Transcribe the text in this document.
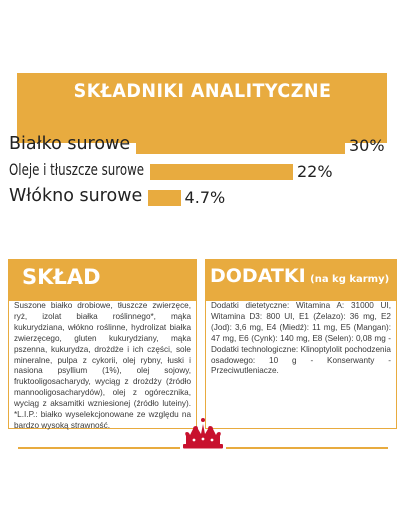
SKŁADNIKI ANALITYCZNE
Białko surowe	30%
Oleje i tłuszcze surowe	22%
Włókno surowe	4.7%
SKŁAD

Suszone białko drobiowe, tłuszcze zwierzęce, ryż, izolat białka roślinnego*, mąka kukurydziana, włókno roślinne, hydrolizat białka zwierzęcego, gluten kukurydziany, mąka pszenna, kukurydza, drożdże i ich części, sole mineralne, pulpa z cykorii, olej rybny, łuski i nasiona psyllium (1%), olej sojowy, fruktooligosacharydy, wyciąg z drożdży (źródło mannooligosacharydów), olej z ogórecznika, wyciąg z aksamitki wzniesionej (źródło luteiny). *L.I.P.: białko wyselekcjonowane ze względu na bardzo wysoką strawność.

DODATKI (na kg karmy)

Dodatki dietetyczne: Witamina A: 31000 UI, Witamina D3: 800 UI, E1 (Żelazo): 36 mg, E2 (Jod): 3,6 mg, E4 (Miedź): 11 mg, E5 (Mangan): 47 mg, E6 (Cynk): 140 mg, E8 (Selen): 0,08 mg - Dodatki technologiczne: Klinoptylolit pochodzenia osadowego: 10 g - Konserwanty - Przeciwutleniacze.
